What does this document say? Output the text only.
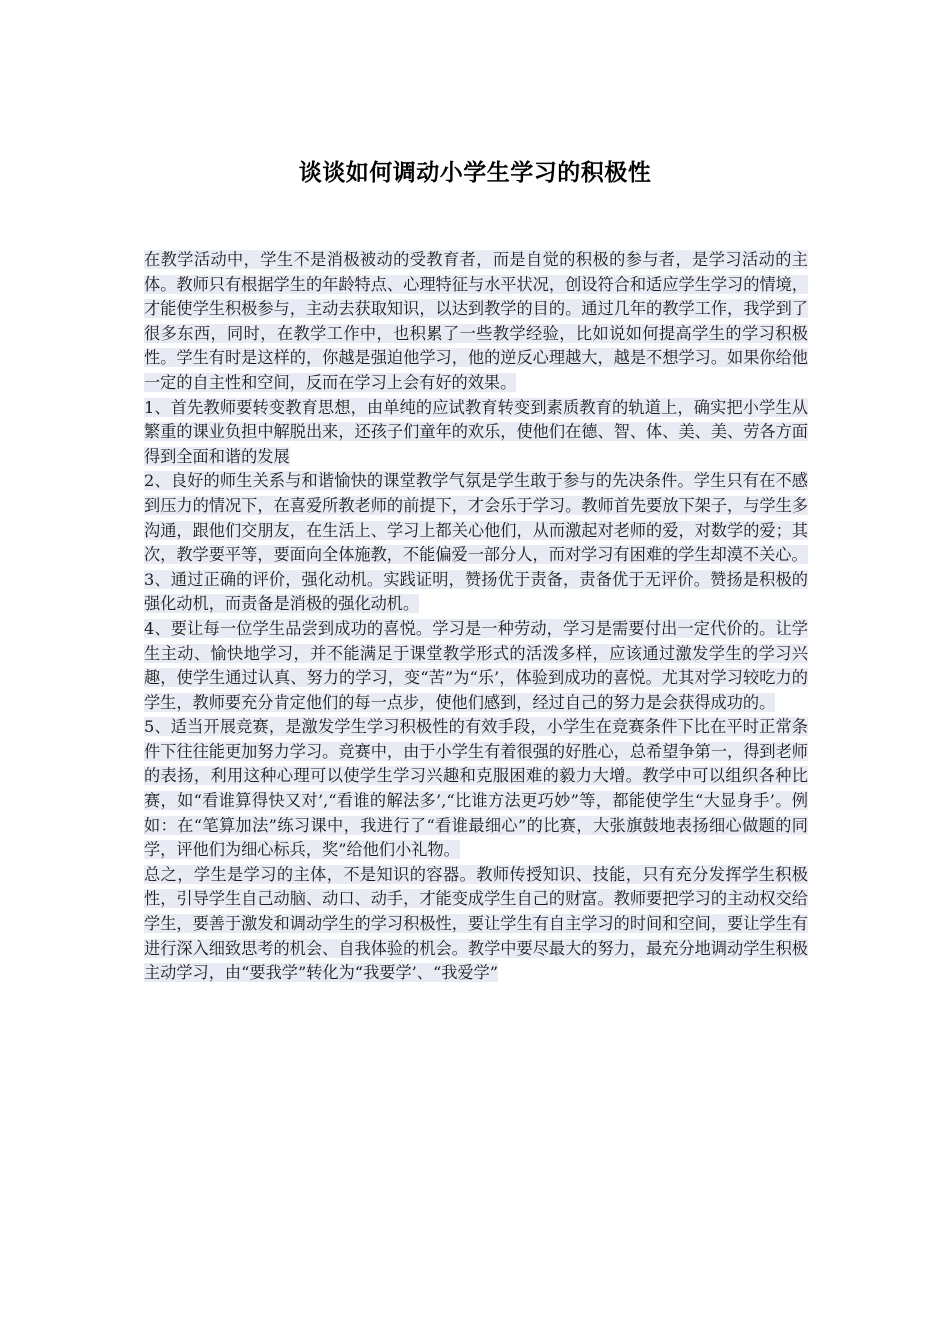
谈谈如何调动小学生学习的积极性

在教学活动中，学生不是消极被动的受教育者，而是自觉的积极的参与者，是学习活动的主体。教师只有根据学生的年龄特点、心理特征与水平状况，创设符合和适应学生学习的情境，才能使学生积极参与，主动去获取知识，以达到教学的目的。通过几年的教学工作，我学到了很多东西，同时，在教学工作中，也积累了一些教学经验，比如说如何提高学生的学习积极性。学生有时是这样的，你越是强迫他学习，他的逆反心理越大，越是不想学习。如果你给他一定的自主性和空间，反而在学习上会有好的效果。

1、首先教师要转变教育思想，由单纯的应试教育转变到素质教育的轨道上，确实把小学生从繁重的课业负担中解脱出来，还孩子们童年的欢乐，使他们在德、智、体、美、美、劳各方面得到全面和谐的发展

2、良好的师生关系与和谐愉快的课堂教学气氛是学生敢于参与的先决条件。学生只有在不感到压力的情况下，在喜爱所教老师的前提下，才会乐于学习。教师首先要放下架子，与学生多沟通，跟他们交朋友，在生活上、学习上都关心他们，从而激起对老师的爱，对数学的爱；其次，教学要平等，要面向全体施教，不能偏爱一部分人，而对学习有困难的学生却漠不关心。

3、通过正确的评价，强化动机。实践证明，赞扬优于责备，责备优于无评价。赞扬是积极的强化动机，而责备是消极的强化动机。

4、要让每一位学生品尝到成功的喜悦。学习是一种劳动，学习是需要付出一定代价的。让学生主动、愉快地学习，并不能满足于课堂教学形式的活泼多样，应该通过激发学生的学习兴趣，使学生通过认真、努力的学习，变“苦”为“乐’，体验到成功的喜悦。尤其对学习较吃力的学生，教师要充分肯定他们的每一点步，使他们感到，经过自己的努力是会获得成功的。

5、适当开展竞赛，是激发学生学习积极性的有效手段，小学生在竞赛条件下比在平时正常条件下往往能更加努力学习。竞赛中，由于小学生有着很强的好胜心，总希望争第一，得到老师的表扬，利用这种心理可以使学生学习兴趣和克服困难的毅力大增。教学中可以组织各种比赛，如“看谁算得快又对’,“看谁的解法多’,“比谁方法更巧妙”等，都能使学生“大显身手’。例如：在“笔算加法”练习课中，我进行了“看谁最细心”的比赛，大张旗鼓地表扬细心做题的同学，评他们为细心标兵，奖”给他们小礼物。

总之，学生是学习的主体，不是知识的容器。教师传授知识、技能，只有充分发挥学生积极性，引导学生自己动脑、动口、动手，才能变成学生自己的财富。教师要把学习的主动权交给学生，要善于激发和调动学生的学习积极性，要让学生有自主学习的时间和空间，要让学生有进行深入细致思考的机会、自我体验的机会。教学中要尽最大的努力，最充分地调动学生积极主动学习，由“要我学”转化为“我要学’、“我爱学”
